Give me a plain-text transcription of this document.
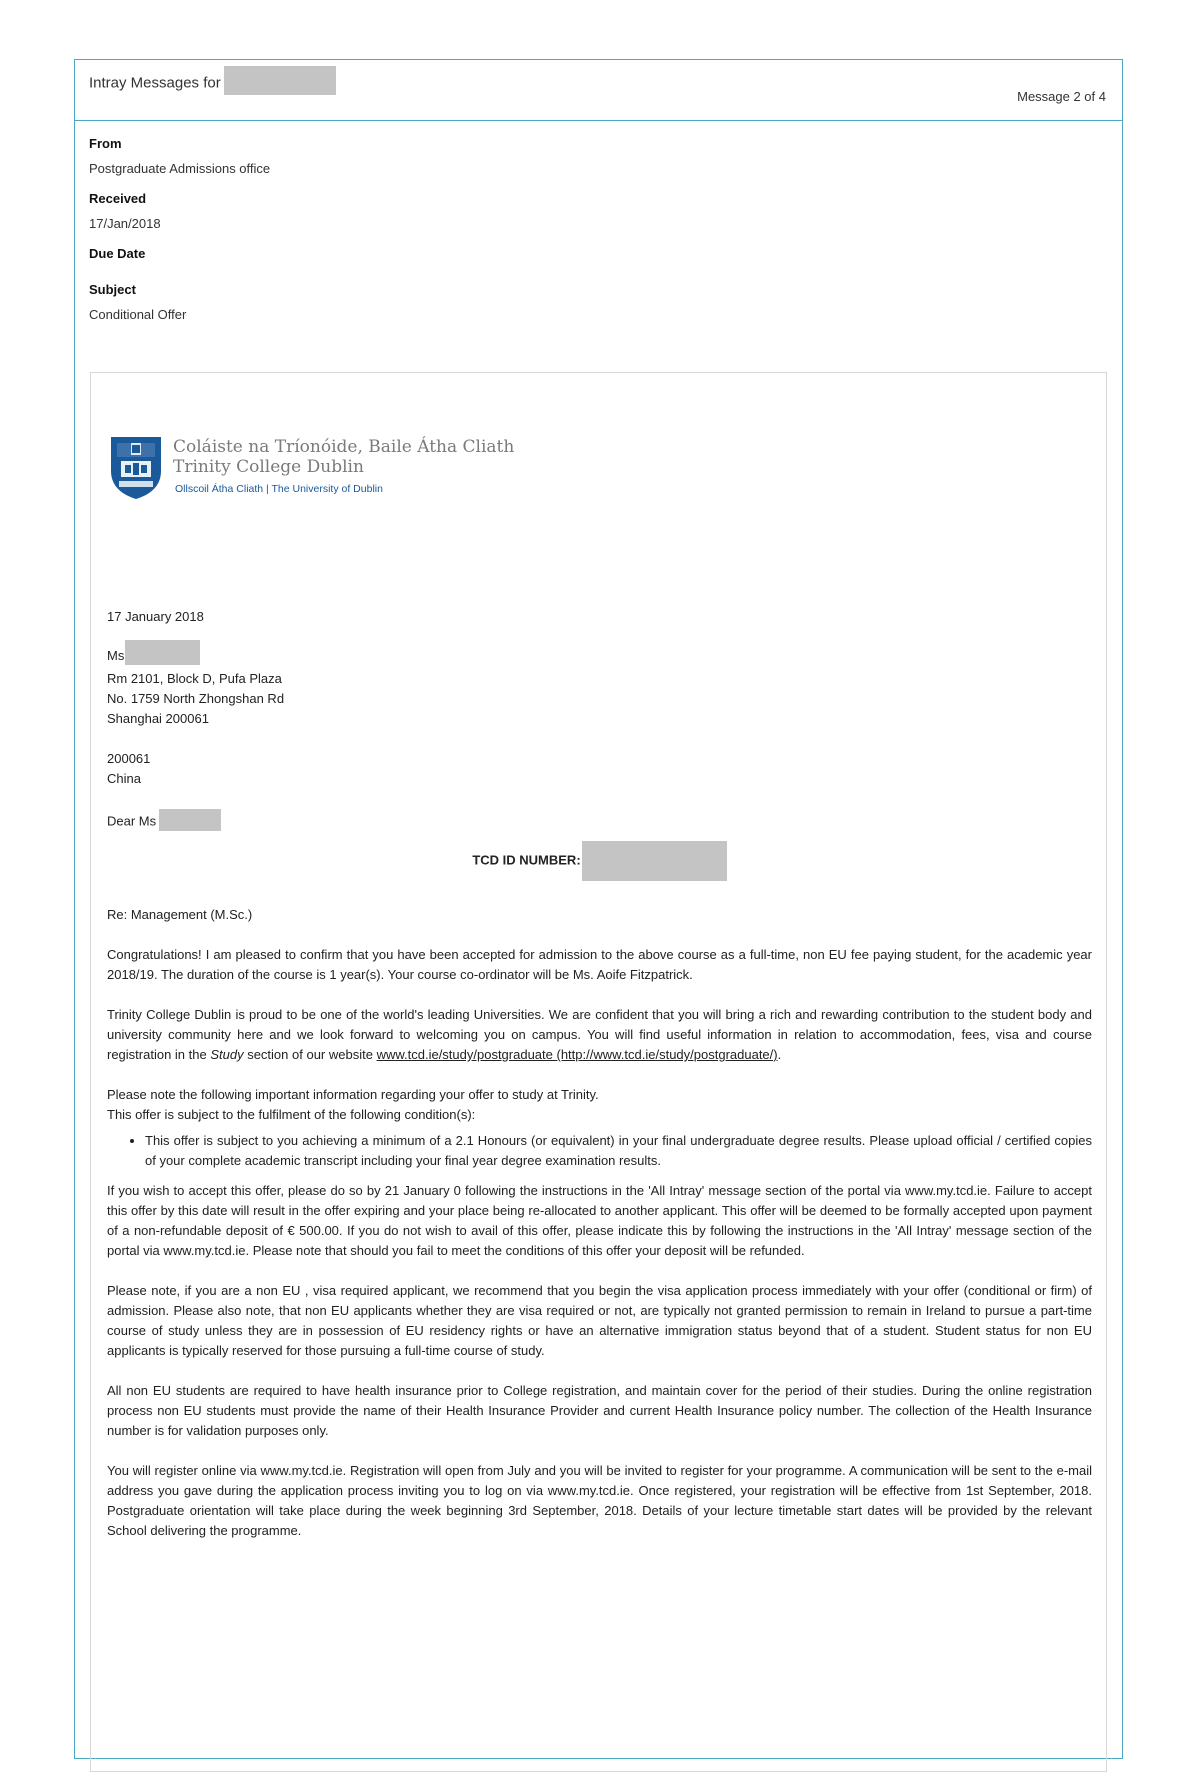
Intray Messages for
Message 2 of 4
From
Postgraduate Admissions office
Received
17/Jan/2018
Due Date
Subject
Conditional Offer
Coláiste na Tríonóide, Baile Átha Cliath
Trinity College Dublin
Ollscoil Átha Cliath | The University of Dublin
17 January 2018
Ms
Rm 2101, Block D, Pufa Plaza
No. 1759 North Zhongshan Rd
Shanghai 200061
200061
China
Dear Ms
TCD ID NUMBER:

Re: Management (M.Sc.)

Congratulations! I am pleased to confirm that you have been accepted for admission to the above course as a full-time, non EU fee paying student, for the academic year 2018/19. The duration of the course is 1 year(s). Your course co-ordinator will be Ms. Aoife Fitzpatrick.

Trinity College Dublin is proud to be one of the world's leading Universities. We are confident that you will bring a rich and rewarding contribution to the student body and university community here and we look forward to welcoming you on campus. You will find useful information in relation to accommodation, fees, visa and course registration in the Study section of our website www.tcd.ie/study/postgraduate (http://www.tcd.ie/study/postgraduate/).

Please note the following important information regarding your offer to study at Trinity.
This offer is subject to the fulfilment of the following condition(s):

• This offer is subject to you achieving a minimum of a 2.1 Honours (or equivalent) in your final undergraduate degree results. Please upload official / certified copies of your complete academic transcript including your final year degree examination results.

If you wish to accept this offer, please do so by 21 January 0 following the instructions in the 'All Intray' message section of the portal via www.my.tcd.ie. Failure to accept this offer by this date will result in the offer expiring and your place being re-allocated to another applicant. This offer will be deemed to be formally accepted upon payment of a non-refundable deposit of € 500.00. If you do not wish to avail of this offer, please indicate this by following the instructions in the 'All Intray' message section of the portal via www.my.tcd.ie. Please note that should you fail to meet the conditions of this offer your deposit will be refunded.

Please note, if you are a non EU , visa required applicant, we recommend that you begin the visa application process immediately with your offer (conditional or firm) of admission. Please also note, that non EU applicants whether they are visa required or not, are typically not granted permission to remain in Ireland to pursue a part-time course of study unless they are in possession of EU residency rights or have an alternative immigration status beyond that of a student. Student status for non EU applicants is typically reserved for those pursuing a full-time course of study.

All non EU students are required to have health insurance prior to College registration, and maintain cover for the period of their studies. During the online registration process non EU students must provide the name of their Health Insurance Provider and current Health Insurance policy number. The collection of the Health Insurance number is for validation purposes only.

You will register online via www.my.tcd.ie. Registration will open from July and you will be invited to register for your programme. A communication will be sent to the e-mail address you gave during the application process inviting you to log on via www.my.tcd.ie. Once registered, your registration will be effective from 1st September, 2018. Postgraduate orientation will take place during the week beginning 3rd September, 2018. Details of your lecture timetable start dates will be provided by the relevant School delivering the programme.
